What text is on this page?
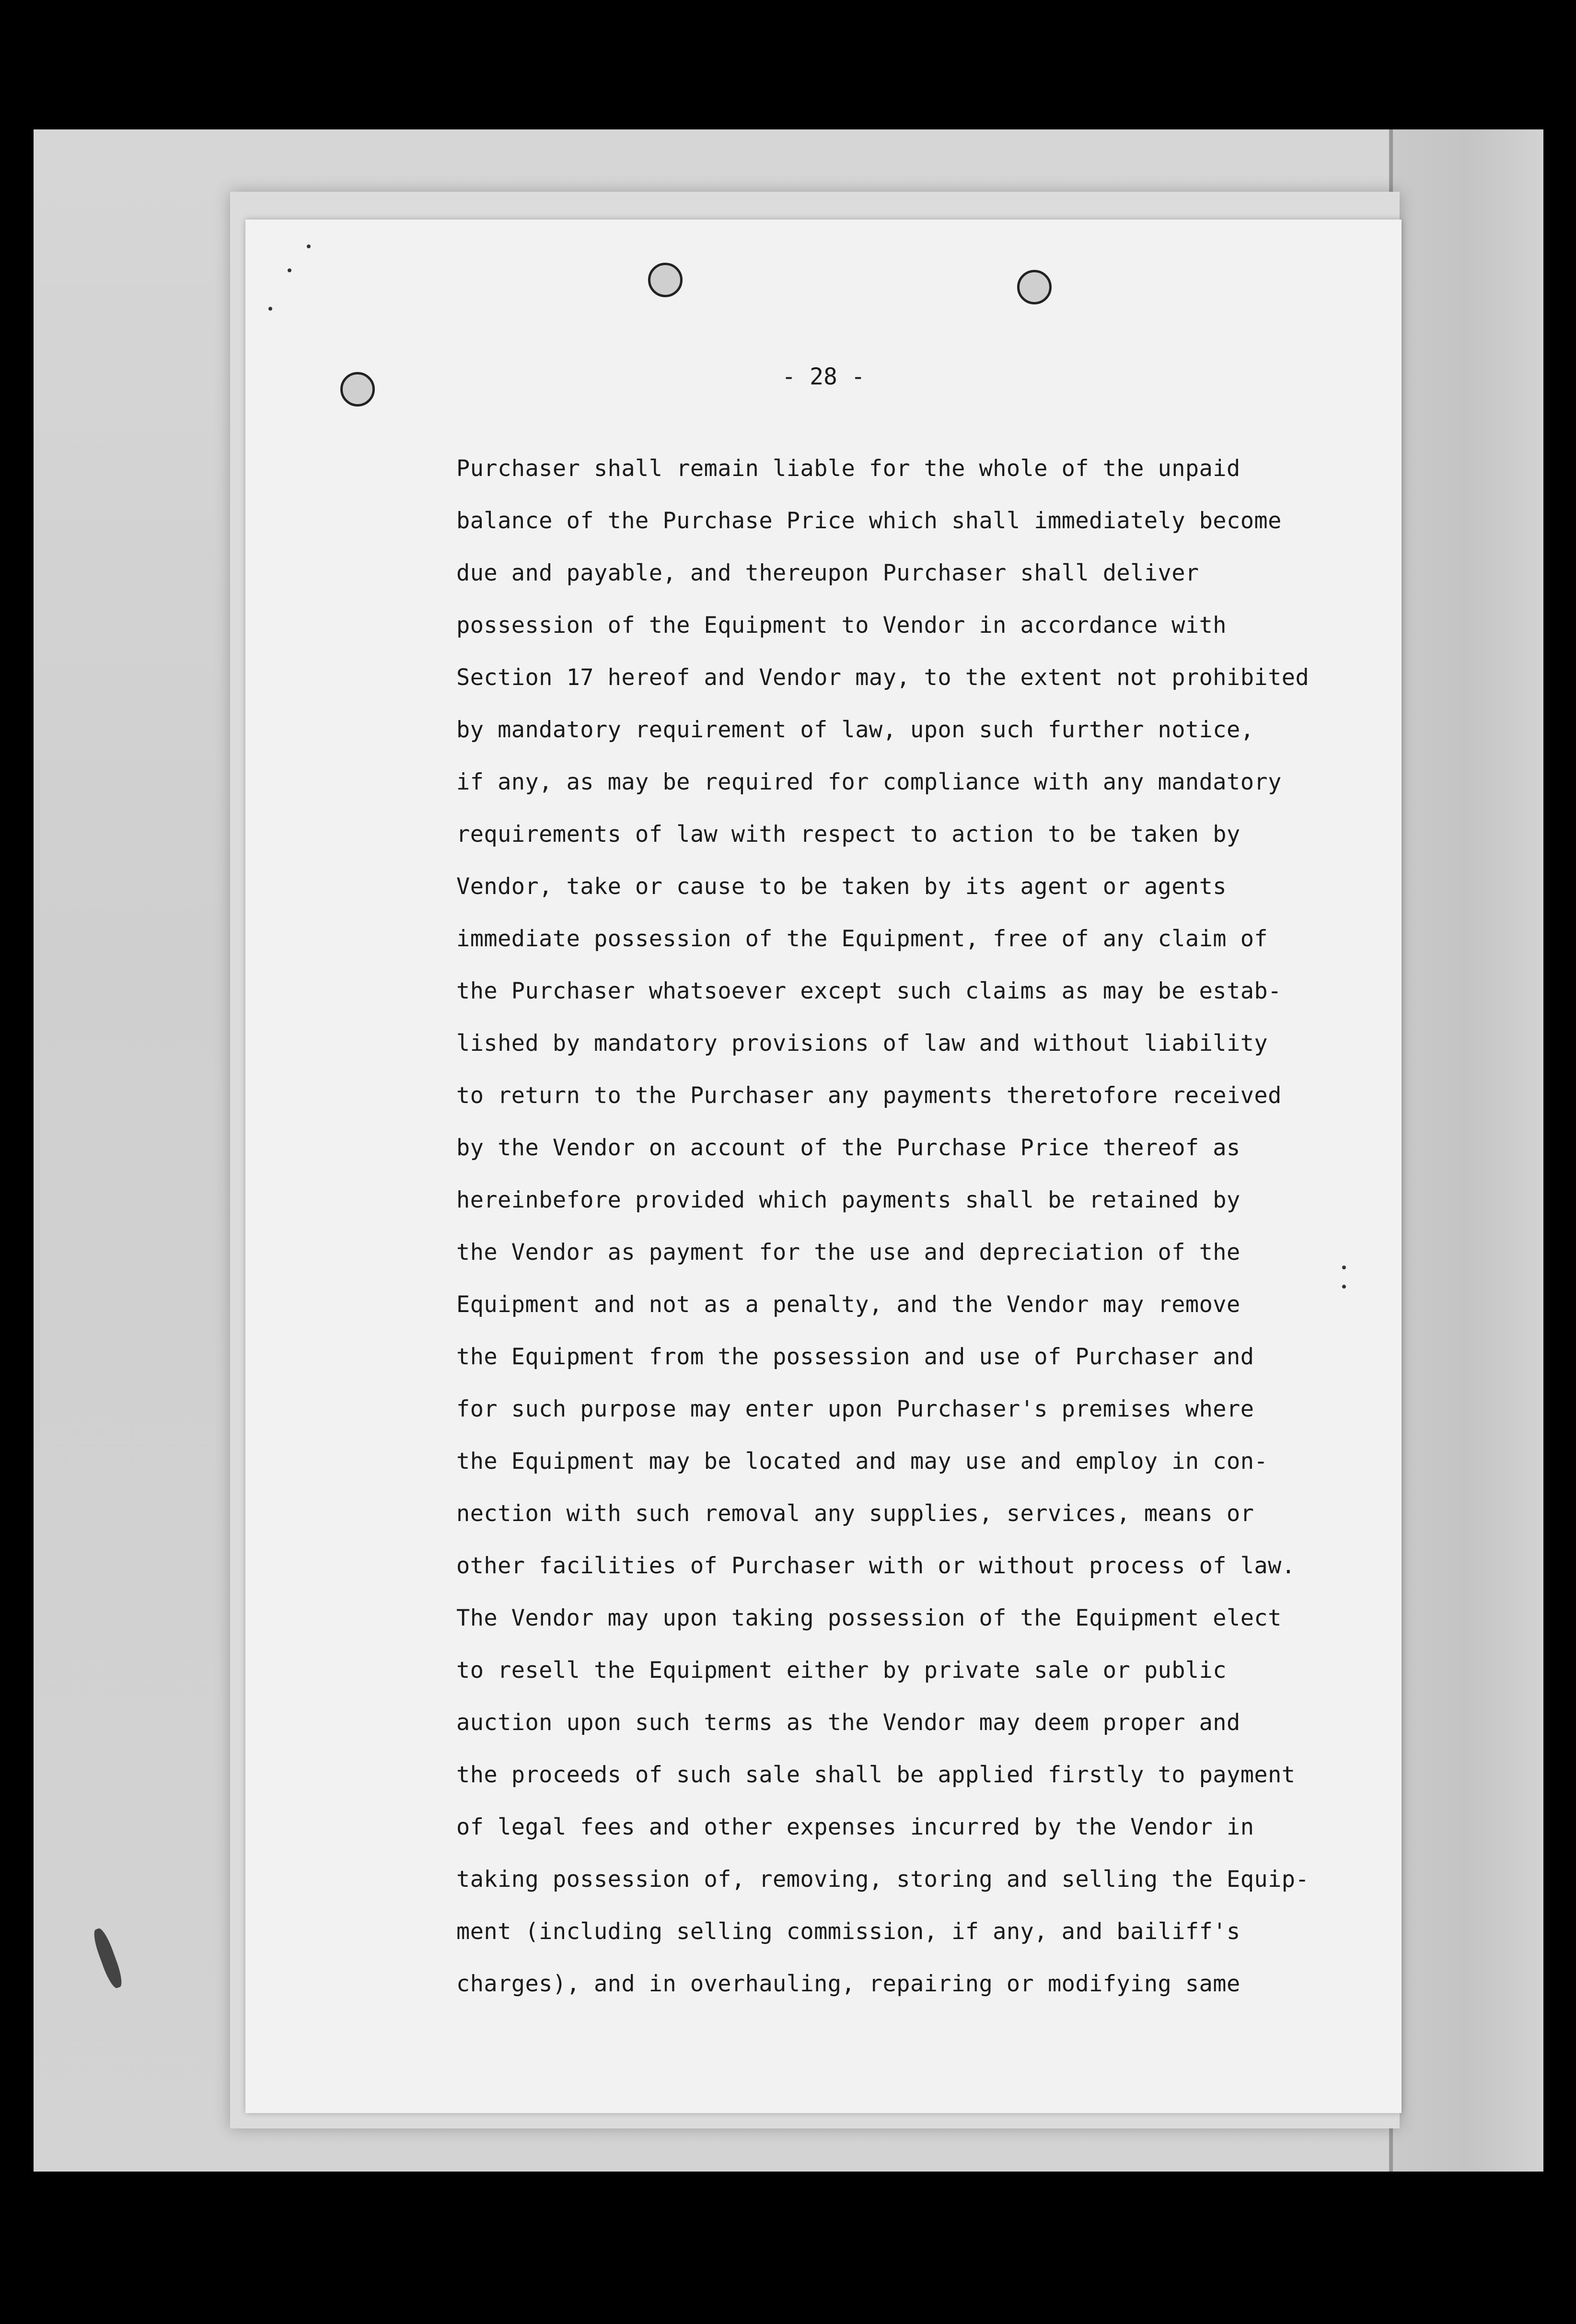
- 28 -

Purchaser shall remain liable for the whole of the unpaid
balance of the Purchase Price which shall immediately become
due and payable, and thereupon Purchaser shall deliver
possession of the Equipment to Vendor in accordance with
Section 17 hereof and Vendor may, to the extent not prohibited
by mandatory requirement of law, upon such further notice,
if any, as may be required for compliance with any mandatory
requirements of law with respect to action to be taken by
Vendor, take or cause to be taken by its agent or agents
immediate possession of the Equipment, free of any claim of
the Purchaser whatsoever except such claims as may be estab-
lished by mandatory provisions of law and without liability
to return to the Purchaser any payments theretofore received
by the Vendor on account of the Purchase Price thereof as
hereinbefore provided which payments shall be retained by
the Vendor as payment for the use and depreciation of the
Equipment and not as a penalty, and the Vendor may remove
the Equipment from the possession and use of Purchaser and
for such purpose may enter upon Purchaser's premises where
the Equipment may be located and may use and employ in con-
nection with such removal any supplies, services, means or
other facilities of Purchaser with or without process of law.
The Vendor may upon taking possession of the Equipment elect
to resell the Equipment either by private sale or public
auction upon such terms as the Vendor may deem proper and
the proceeds of such sale shall be applied firstly to payment
of legal fees and other expenses incurred by the Vendor in
taking possession of, removing, storing and selling the Equip-
ment (including selling commission, if any, and bailiff's
charges), and in overhauling, repairing or modifying same
